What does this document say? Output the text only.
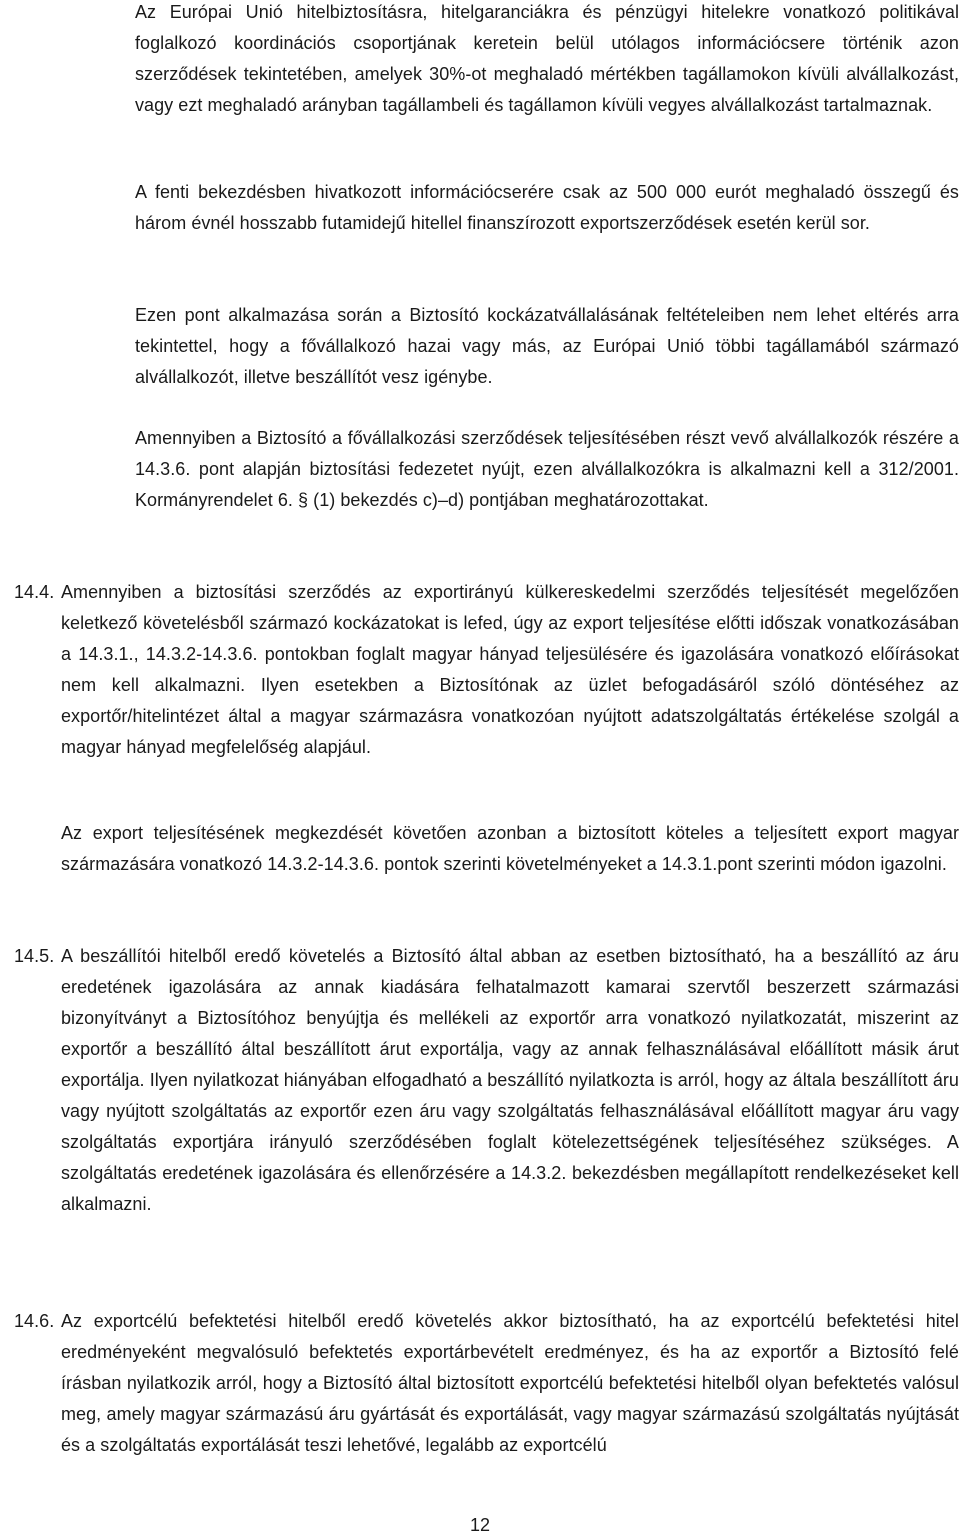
Az Európai Unió hitelbiztosításra, hitelgaranciákra és pénzügyi hitelekre vonatkozó politikával foglalkozó koordinációs csoportjának keretein belül utólagos információcsere történik azon szerződések tekintetében, amelyek 30%-ot meghaladó mértékben tagállamokon kívüli alvállalkozást, vagy ezt meghaladó arányban tagállambeli és tagállamon kívüli vegyes alvállalkozást tartalmaznak.

A fenti bekezdésben hivatkozott információcserére csak az 500 000 eurót meghaladó összegű és három évnél hosszabb futamidejű hitellel finanszírozott exportszerződések esetén kerül sor.

Ezen pont alkalmazása során a Biztosító kockázatvállalásának feltételeiben nem lehet eltérés arra tekintettel, hogy a fővállalkozó hazai vagy más, az Európai Unió többi tagállamából származó alvállalkozót, illetve beszállítót vesz igénybe.

Amennyiben a Biztosító a fővállalkozási szerződések teljesítésében részt vevő alvállalkozók részére a 14.3.6. pont alapján biztosítási fedezetet nyújt, ezen alvállalkozókra is alkalmazni kell a 312/2001. Kormányrendelet 6. § (1) bekezdés c)–d) pontjában meghatározottakat.

14.4. Amennyiben a biztosítási szerződés az exportirányú külkereskedelmi szerződés teljesítését megelőzően keletkező követelésből származó kockázatokat is lefed, úgy az export teljesítése előtti időszak vonatkozásában a 14.3.1., 14.3.2-14.3.6. pontokban foglalt magyar hányad teljesülésére és igazolására vonatkozó előírásokat nem kell alkalmazni. Ilyen esetekben a Biztosítónak az üzlet befogadásáról szóló döntéséhez az exportőr/hitelintézet által a magyar származásra vonatkozóan nyújtott adatszolgáltatás értékelése szolgál a magyar hányad megfelelőség alapjául.

Az export teljesítésének megkezdését követően azonban a biztosított köteles a teljesített export magyar származására vonatkozó 14.3.2-14.3.6. pontok szerinti követelményeket a 14.3.1.pont szerinti módon igazolni.

14.5. A beszállítói hitelből eredő követelés a Biztosító által abban az esetben biztosítható, ha a beszállító az áru eredetének igazolására az annak kiadására felhatalmazott kamarai szervtől beszerzett származási bizonyítványt a Biztosítóhoz benyújtja és mellékeli az exportőr arra vonatkozó nyilatkozatát, miszerint az exportőr a beszállító által beszállított árut exportálja, vagy az annak felhasználásával előállított másik árut exportálja. Ilyen nyilatkozat hiányában elfogadható a beszállító nyilatkozta is arról, hogy az általa beszállított áru vagy nyújtott szolgáltatás az exportőr ezen áru vagy szolgáltatás felhasználásával előállított magyar áru vagy szolgáltatás exportjára irányuló szerződésében foglalt kötelezettségének teljesítéséhez szükséges. A szolgáltatás eredetének igazolására és ellenőrzésére a 14.3.2. bekezdésben megállapított rendelkezéseket kell alkalmazni.
14.6. Az exportcélú befektetési hitelből eredő követelés akkor biztosítható, ha az exportcélú befektetési hitel eredményeként megvalósuló befektetés exportárbevételt eredményez, és ha az exportőr a Biztosító felé írásban nyilatkozik arról, hogy a Biztosító által biztosított exportcélú befektetési hitelből olyan befektetés valósul meg, amely magyar származású áru gyártását és exportálását, vagy magyar származású szolgáltatás nyújtását és a szolgáltatás exportálását teszi lehetővé, legalább az exportcélú
12
